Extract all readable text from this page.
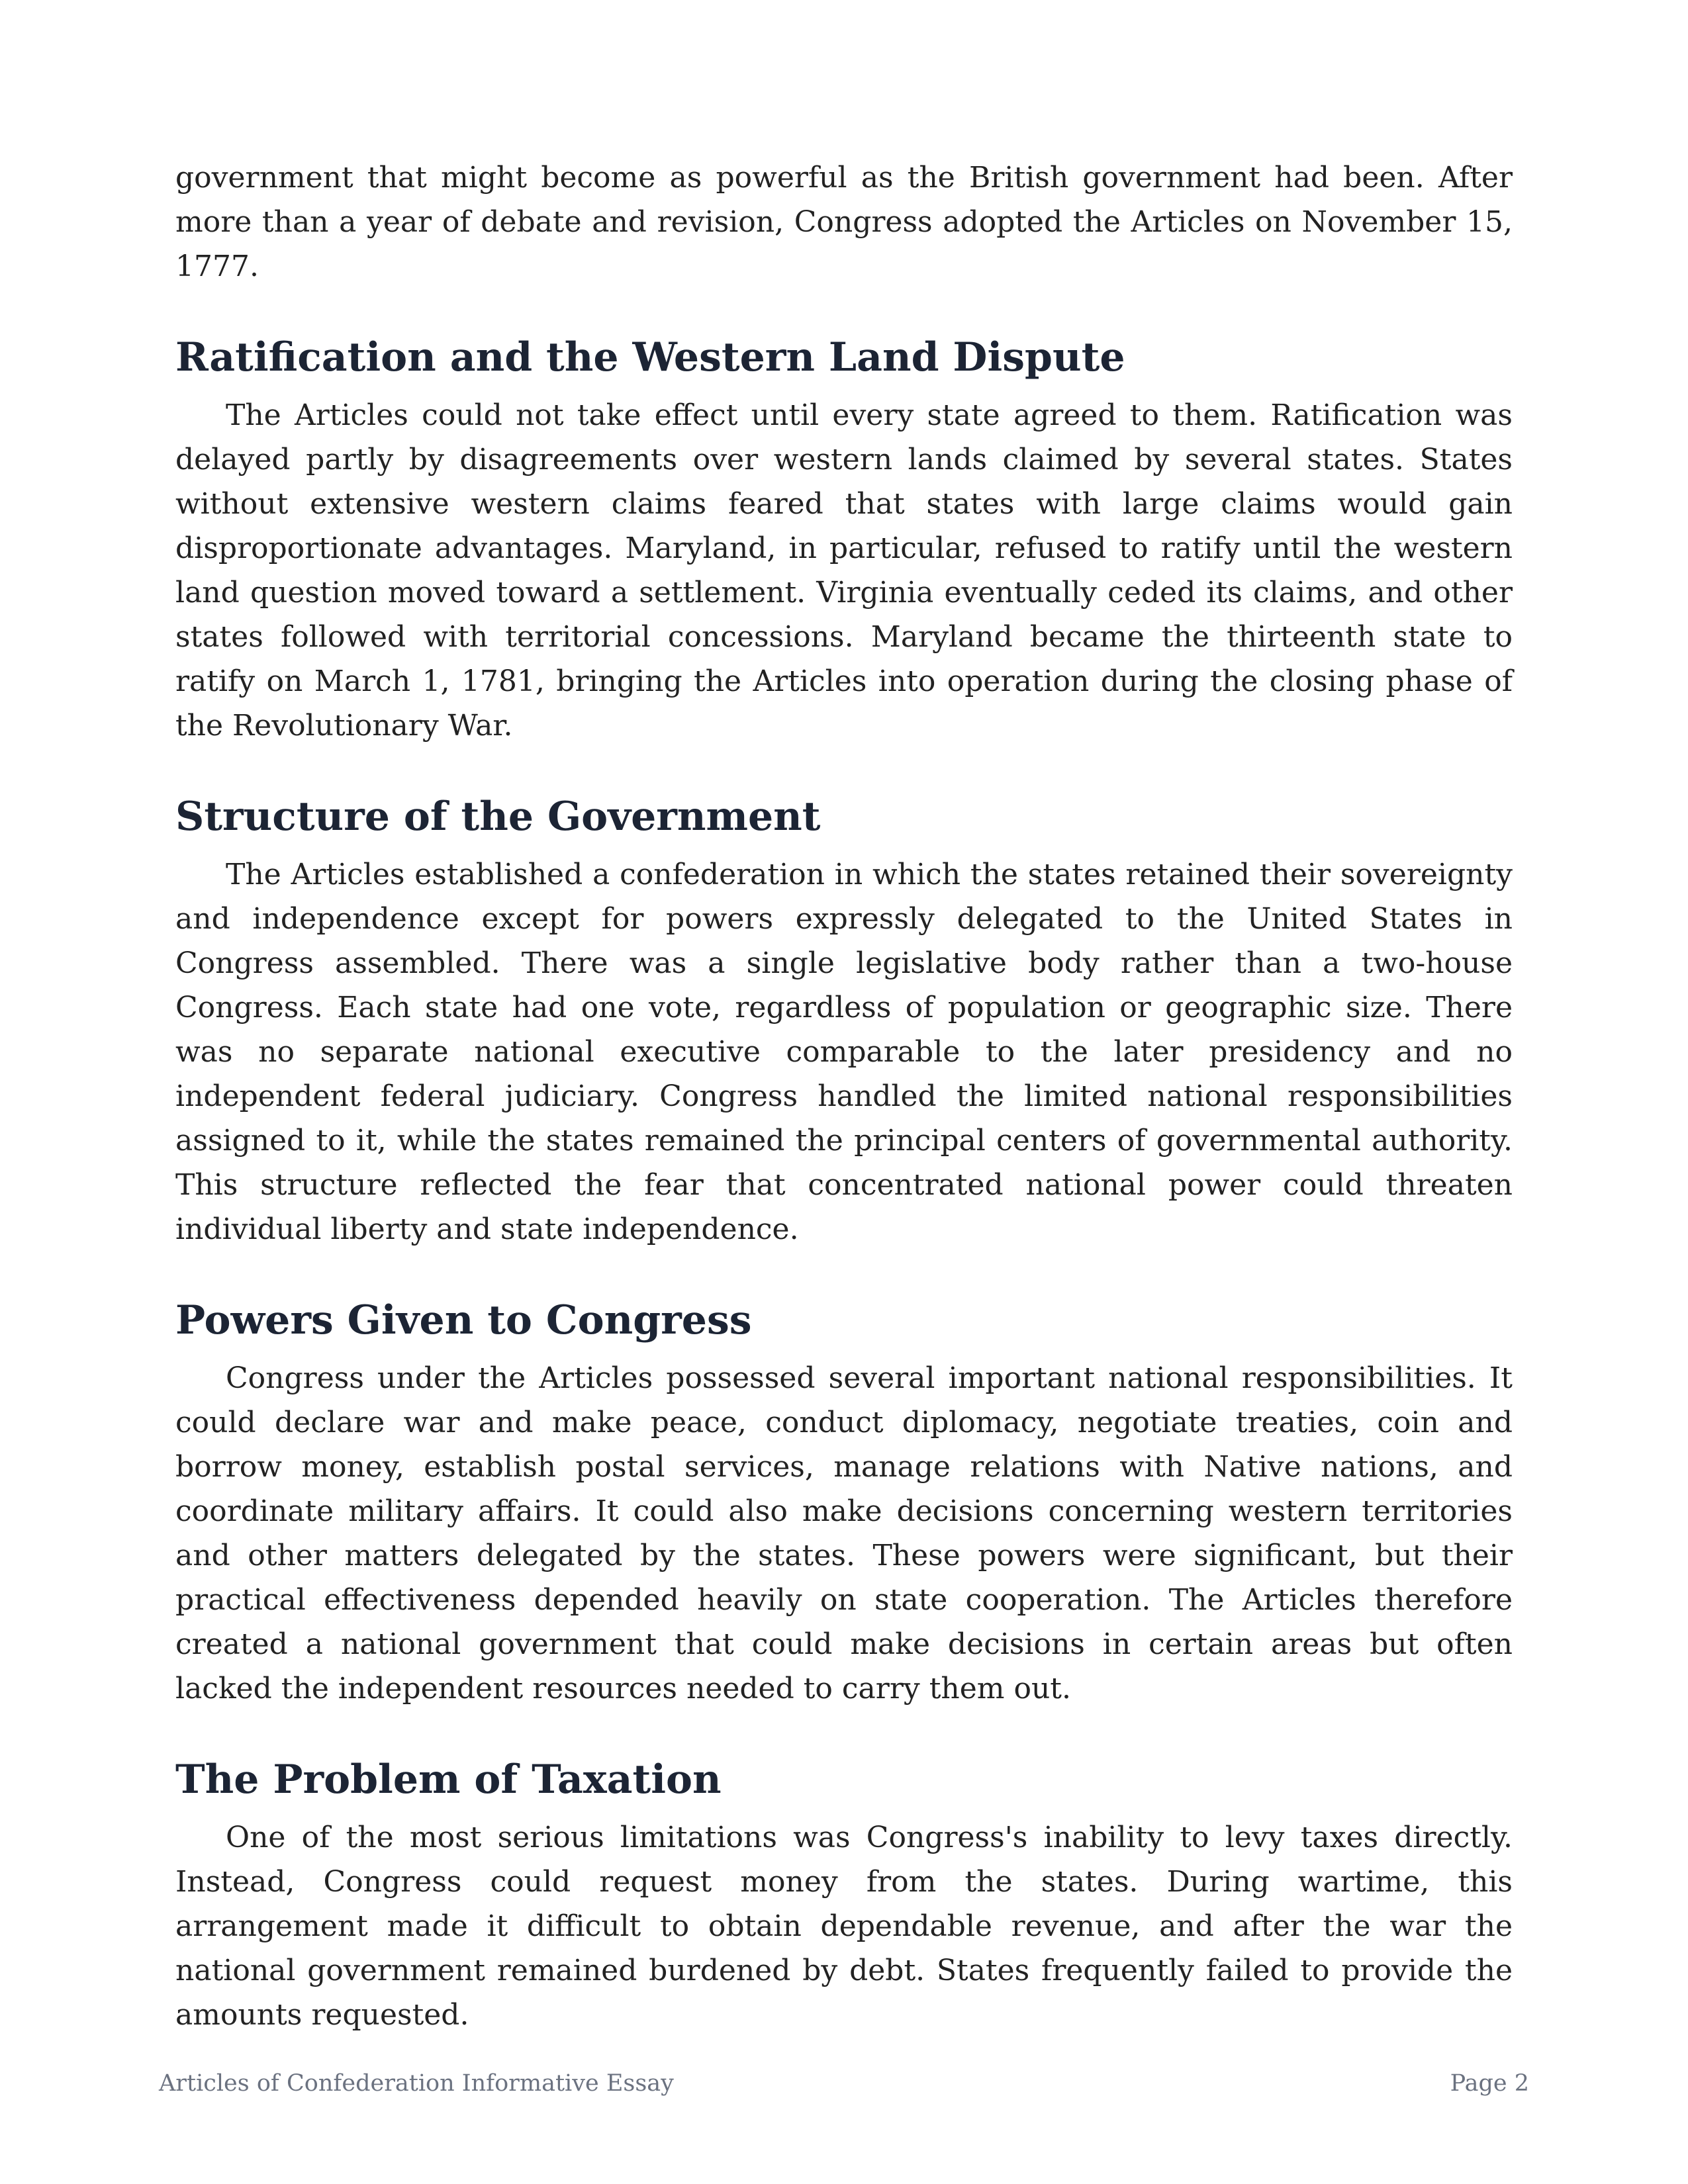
government that might become as powerful as the British government had been. After more than a year of debate and revision, Congress adopted the Articles on November 15, 1777.

Ratification and the Western Land Dispute

The Articles could not take effect until every state agreed to them. Ratification was delayed partly by disagreements over western lands claimed by several states. States without extensive western claims feared that states with large claims would gain disproportionate advantages. Maryland, in particular, refused to ratify until the western land question moved toward a settlement. Virginia eventually ceded its claims, and other states followed with territorial concessions. Maryland became the thirteenth state to ratify on March 1, 1781, bringing the Articles into operation during the closing phase of the Revolutionary War.

Structure of the Government

The Articles established a confederation in which the states retained their sovereignty and independence except for powers expressly delegated to the United States in Congress assembled. There was a single legislative body rather than a two-house Congress. Each state had one vote, regardless of population or geographic size. There was no separate national executive comparable to the later presidency and no independent federal judiciary. Congress handled the limited national responsibilities assigned to it, while the states remained the principal centers of governmental authority. This structure reflected the fear that concentrated national power could threaten individual liberty and state independence.

Powers Given to Congress

Congress under the Articles possessed several important national responsibilities. It could declare war and make peace, conduct diplomacy, negotiate treaties, coin and borrow money, establish postal services, manage relations with Native nations, and coordinate military affairs. It could also make decisions concerning western territories and other matters delegated by the states. These powers were significant, but their practical effectiveness depended heavily on state cooperation. The Articles therefore created a national government that could make decisions in certain areas but often lacked the independent resources needed to carry them out.

The Problem of Taxation

One of the most serious limitations was Congress's inability to levy taxes directly. Instead, Congress could request money from the states. During wartime, this arrangement made it difficult to obtain dependable revenue, and after the war the national government remained burdened by debt. States frequently failed to provide the amounts requested.

Articles of Confederation Informative Essay	Page 2
